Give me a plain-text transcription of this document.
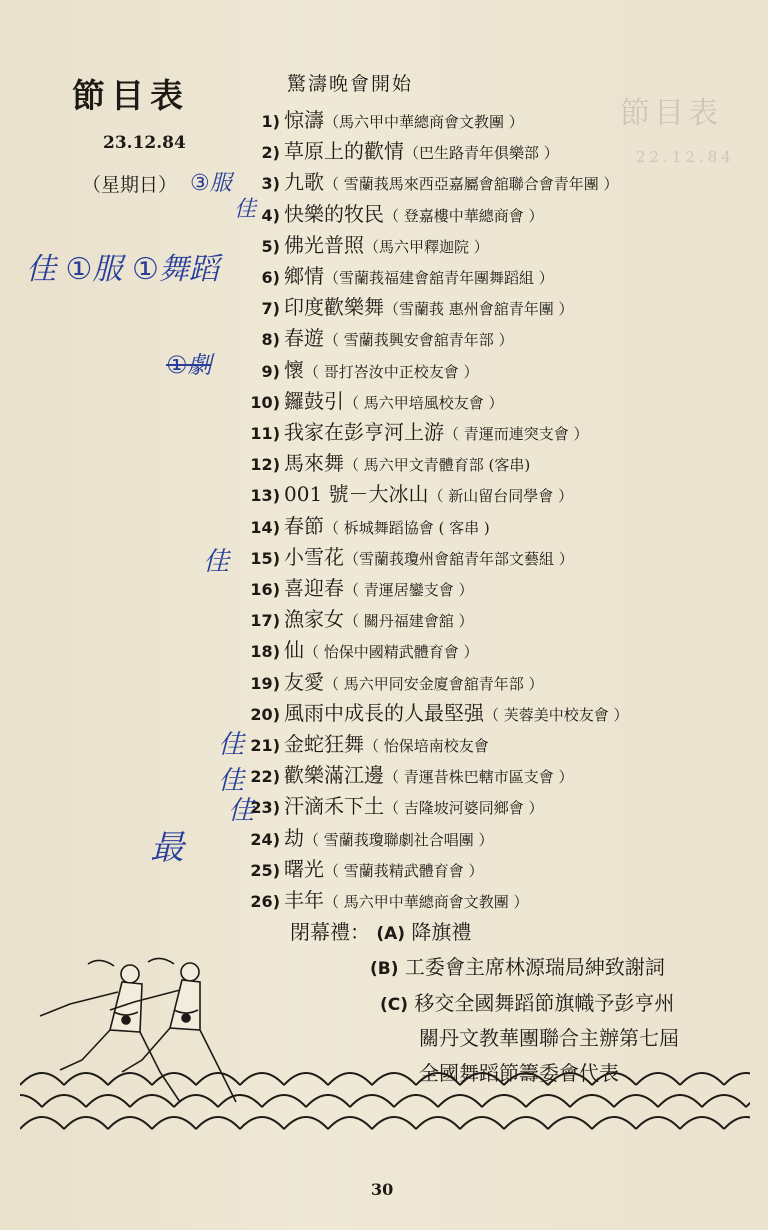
節目表
22.12.84
節目表
23.12.84
（星期日）
驚濤晚會開始
1) 惊濤（馬六甲中華總商會文教團 ）
2) 草原上的歡情（巴生路青年俱樂部 ）
3) 九歌（ 雪蘭莪馬來西亞嘉屬會舘聯合會青年團 ）
4) 快樂的牧民（ 登嘉樓中華總商會 ）
5) 佛光普照（馬六甲釋迦院 ）
6) 鄉情（雪蘭莪福建會舘青年團舞蹈組 ）
7) 印度歡樂舞（雪蘭莪 惠州會舘青年團 ）
8) 春遊（ 雪蘭莪興安會舘青年部 ）
9) 懷（ 哥打峇汝中正校友會 ）
10) 鑼鼓引（ 馬六甲培風校友會 ）
11) 我家在彭亨河上游（ 青運而連突支會 ）
12) 馬來舞（ 馬六甲文青體育部 (客串)
13) 001 號－大冰山（ 新山留台同學會 ）
14) 春節（ 柝城舞蹈協會 ( 客串 )
15) 小雪花（雪蘭莪瓊州會舘青年部文藝組 ）
16) 喜迎春（ 青運居鑾支會 ）
17) 漁家女（ 關丹福建會舘 ）
18) 仙（ 怡保中國精武體育會 ）
19) 友愛（ 馬六甲同安金廈會舘青年部 ）
20) 風雨中成長的人最堅强（ 芙蓉美中校友會 ）
21) 金蛇狂舞（ 怡保培南校友會
22) 歡樂滿江邊（ 青運昔株巴轄市區支會 ）
23) 汗滴禾下土（ 吉隆坡河婆同鄉會 ）
24) 劫（ 雪蘭莪瓊聯劇社合唱團 ）
25) 曙光（ 雪蘭莪精武體育會 ）
26) 丰年（ 馬六甲中華總商會文教團 ）
閉幕禮： (A) 降旗禮
(B) 工委會主席林源瑞局紳致謝詞
(C) 移交全國舞蹈節旗幟予彭亨州
關丹文教華團聯合主辦第七屆
全國舞蹈節籌委會代表
30
③服
佳
佳 ①服 ①舞蹈
①劇
佳
佳
佳
佳
最
